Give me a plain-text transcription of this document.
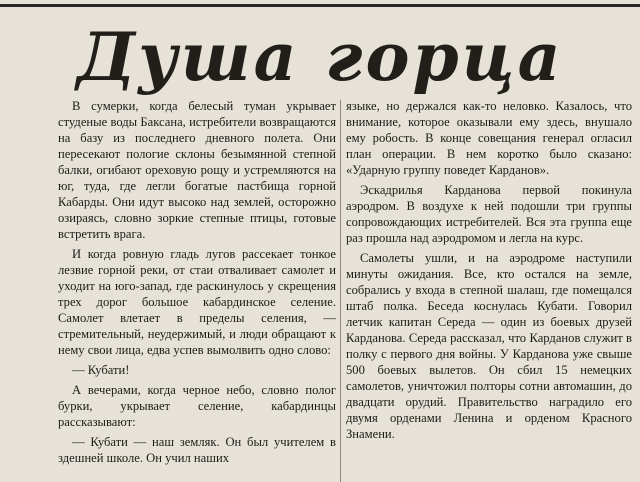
Душа горца

В сумерки, когда белесый туман укрывает студеные воды Баксана, истребители возвращаются на базу из последнего дневного полета. Они пересекают пологие склоны безымянной степной балки, огибают ореховую рощу и устремляются на юг, туда, где легли богатые пастбища горной Кабарды. Они идут высоко над землей, осторожно озираясь, словно зоркие степные птицы, готовые встретить врага.

И когда ровную гладь лугов рассекает тонкое лезвие горной реки, от стаи отваливает самолет и уходит на юго-запад, где раскинулось у скрещения трех дорог большое кабардинское селение. Самолет влетает в пределы селения, — стремительный, неудержимый, и люди обращают к нему свои лица, едва успев вымолвить одно слово:

— Кубати!

А вечерами, когда черное небо, словно полог бурки, укрывает селение, кабардинцы рассказывают:

— Кубати — наш земляк. Он был учителем в здешней школе. Он учил наших

языке, но держался как-то неловко. Казалось, что внимание, которое оказывали ему здесь, внушало ему робость. В конце совещания генерал огласил план операции. В нем коротко было сказано: «Ударную группу поведет Карданов».

Эскадрилья Карданова первой покинула аэродром. В воздухе к ней подошли три группы сопровождающих истребителей. Вся эта группа еще раз прошла над аэродромом и легла на курс.

Самолеты ушли, и на аэродроме наступили минуты ожидания. Все, кто остался на земле, собрались у входа в степной шалаш, где помещался штаб полка. Беседа коснулась Кубати. Говорил летчик капитан Середа — один из боевых друзей Карданова. Середа рассказал, что Карданов служит в полку с первого дня войны. У Карданова уже свыше 500 боевых вылетов. Он сбил 15 немецких самолетов, уничтожил полторы сотни автомашин, до двадцати орудий. Правительство наградило его двумя орденами Ленина и орденом Красного Знамени.
